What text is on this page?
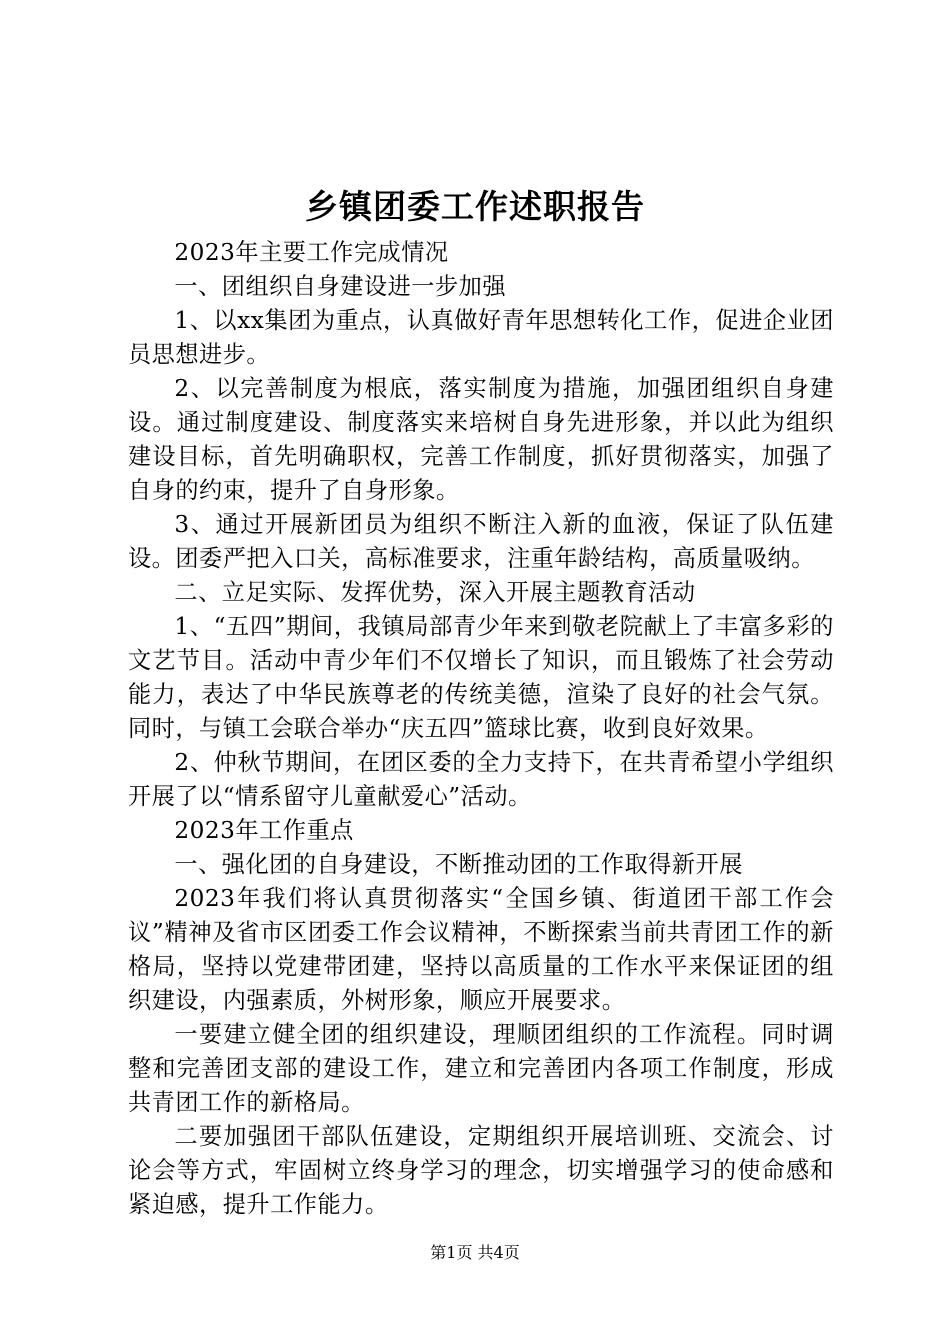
乡镇团委工作述职报告

2023年主要工作完成情况

一、团组织自身建设进一步加强

1、以xx集团为重点，认真做好青年思想转化工作，促进企业团员思想进步。

2、以完善制度为根底，落实制度为措施，加强团组织自身建设。通过制度建设、制度落实来培树自身先进形象，并以此为组织建设目标，首先明确职权，完善工作制度，抓好贯彻落实，加强了自身的约束，提升了自身形象。

3、通过开展新团员为组织不断注入新的血液，保证了队伍建设。团委严把入口关，高标准要求，注重年龄结构，高质量吸纳。

二、立足实际、发挥优势，深入开展主题教育活动

1、“五四”期间，我镇局部青少年来到敬老院献上了丰富多彩的文艺节目。活动中青少年们不仅增长了知识，而且锻炼了社会劳动能力，表达了中华民族尊老的传统美德，渲染了良好的社会气氛。同时，与镇工会联合举办“庆五四”篮球比赛，收到良好效果。

2、仲秋节期间，在团区委的全力支持下，在共青希望小学组织开展了以“情系留守儿童献爱心”活动。

2023年工作重点

一、强化团的自身建设，不断推动团的工作取得新开展

2023年我们将认真贯彻落实“全国乡镇、街道团干部工作会议”精神及省市区团委工作会议精神，不断探索当前共青团工作的新格局，坚持以党建带团建，坚持以高质量的工作水平来保证团的组织建设，内强素质，外树形象，顺应开展要求。

一要建立健全团的组织建设，理顺团组织的工作流程。同时调整和完善团支部的建设工作，建立和完善团内各项工作制度，形成共青团工作的新格局。

二要加强团干部队伍建设，定期组织开展培训班、交流会、讨论会等方式，牢固树立终身学习的理念，切实增强学习的使命感和紧迫感，提升工作能力。

第1页 共4页
